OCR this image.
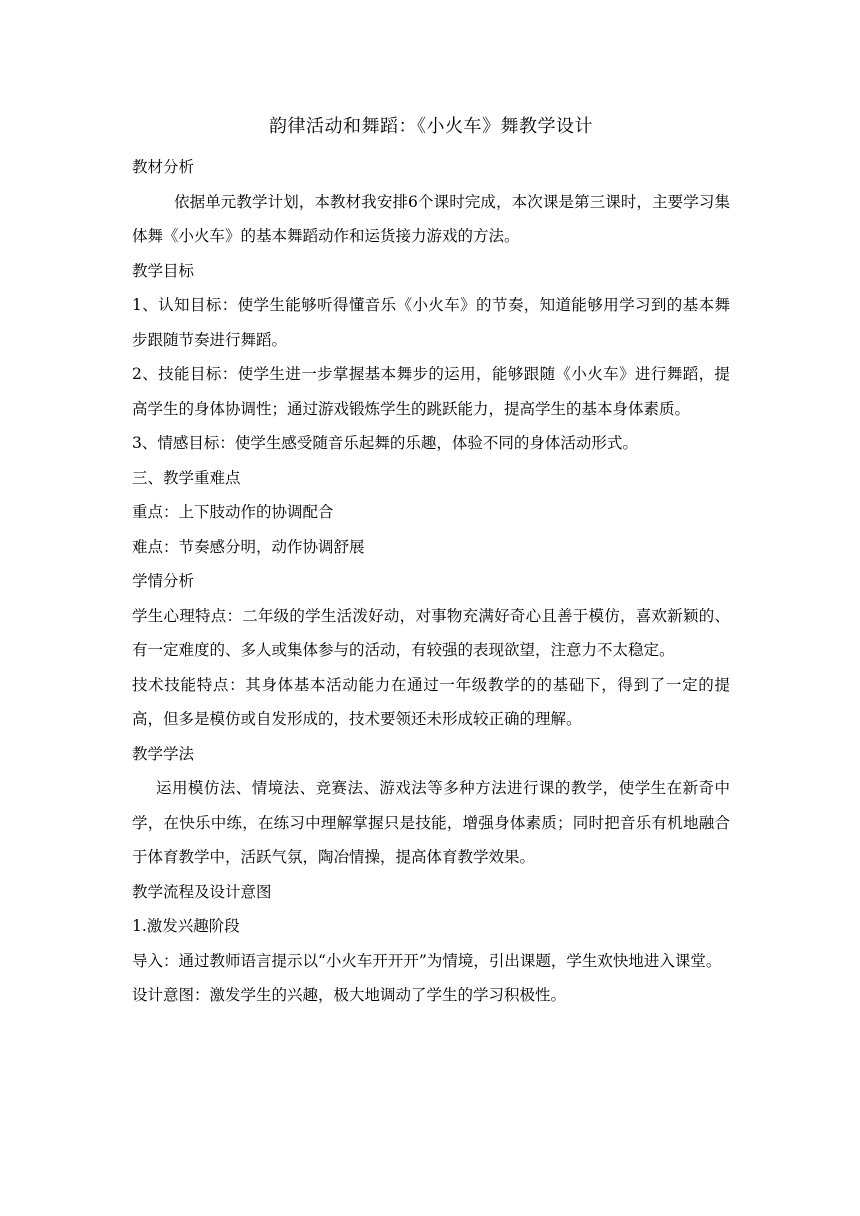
韵律活动和舞蹈：《小火车》舞教学设计

教材分析

依据单元教学计划，本教材我安排6个课时完成，本次课是第三课时，主要学习集体舞《小火车》的基本舞蹈动作和运货接力游戏的方法。

教学目标

1、认知目标：使学生能够听得懂音乐《小火车》的节奏，知道能够用学习到的基本舞步跟随节奏进行舞蹈。

2、技能目标：使学生进一步掌握基本舞步的运用，能够跟随《小火车》进行舞蹈，提高学生的身体协调性；通过游戏锻炼学生的跳跃能力，提高学生的基本身体素质。

3、情感目标：使学生感受随音乐起舞的乐趣，体验不同的身体活动形式。

三、教学重难点

重点：上下肢动作的协调配合

难点：节奏感分明，动作协调舒展

学情分析

学生心理特点：二年级的学生活泼好动，对事物充满好奇心且善于模仿，喜欢新颖的、有一定难度的、多人或集体参与的活动，有较强的表现欲望，注意力不太稳定。

技术技能特点：其身体基本活动能力在通过一年级教学的的基础下，得到了一定的提高，但多是模仿或自发形成的，技术要领还未形成较正确的理解。

教学学法

运用模仿法、情境法、竞赛法、游戏法等多种方法进行课的教学，使学生在新奇中学，在快乐中练，在练习中理解掌握只是技能，增强身体素质；同时把音乐有机地融合于体育教学中，活跃气氛，陶冶情操，提高体育教学效果。

教学流程及设计意图

1.激发兴趣阶段

导入：通过教师语言提示以“小火车开开开”为情境，引出课题，学生欢快地进入课堂。

设计意图：激发学生的兴趣，极大地调动了学生的学习积极性。
